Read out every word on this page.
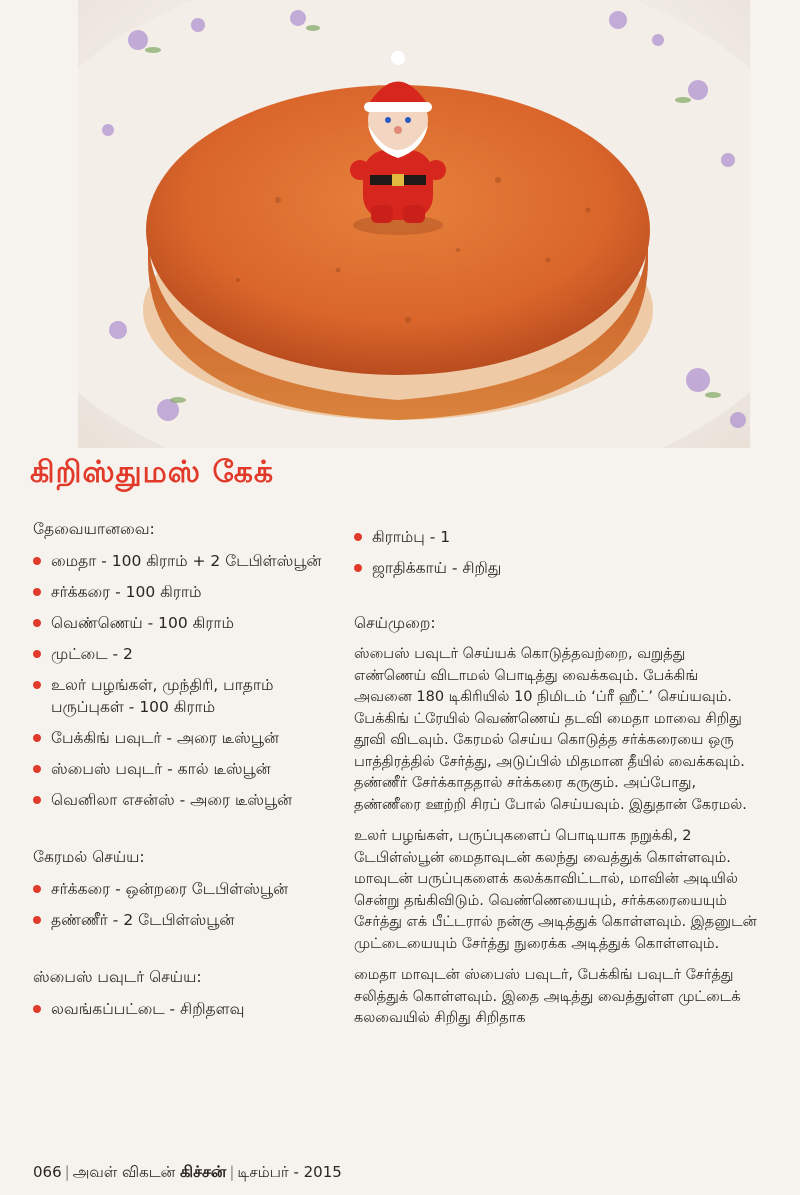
கிறிஸ்துமஸ் கேக்
தேவையானவை:
மைதா - 100 கிராம் + 2 டேபிள்ஸ்பூன்
சர்க்கரை - 100 கிராம்
வெண்ணெய் - 100 கிராம்
முட்டை - 2
உலர் பழங்கள், முந்திரி, பாதாம் பருப்புகள் - 100 கிராம்
பேக்கிங் பவுடர் - அரை டீஸ்பூன்
ஸ்பைஸ் பவுடர் - கால் டீஸ்பூன்
வெனிலா எசன்ஸ் - அரை டீஸ்பூன்
கேரமல் செய்ய:
சர்க்கரை - ஒன்றரை டேபிள்ஸ்பூன்
தண்ணீர் - 2 டேபிள்ஸ்பூன்
ஸ்பைஸ் பவுடர் செய்ய:
லவங்கப்பட்டை - சிறிதளவு
கிராம்பு - 1
ஜாதிக்காய் - சிறிது
செய்முறை:

ஸ்பைஸ் பவுடர் செய்யக் கொடுத்தவற்றை, வறுத்து எண்ணெய் விடாமல் பொடித்து வைக்கவும். பேக்கிங் அவனை 180 டிகிரியில் 10 நிமிடம் ‘ப்ரீ ஹீட்’ செய்யவும். பேக்கிங் ட்ரேயில் வெண்ணெய் தடவி மைதா மாவை சிறிது தூவி விடவும். கேரமல் செய்ய கொடுத்த சர்க்கரையை ஒரு பாத்திரத்தில் சேர்த்து, அடுப்பில் மிதமான தீயில் வைக்கவும். தண்ணீர் சேர்க்காததால் சர்க்கரை கருகும். அப்போது, தண்ணீரை ஊற்றி சிரப் போல் செய்யவும். இதுதான் கேரமல்.

உலர் பழங்கள், பருப்புகளைப் பொடியாக நறுக்கி, 2 டேபிள்ஸ்பூன் மைதாவுடன் கலந்து வைத்துக் கொள்ளவும். மாவுடன் பருப்புகளைக் கலக்காவிட்டால், மாவின் அடியில் சென்று தங்கிவிடும். வெண்ணெயையும், சர்க்கரையையும் சேர்த்து எக் பீட்டரால் நன்கு அடித்துக் கொள்ளவும். இதனுடன் முட்டையையும் சேர்த்து நுரைக்க அடித்துக் கொள்ளவும்.

மைதா மாவுடன் ஸ்பைஸ் பவுடர், பேக்கிங் பவுடர் சேர்த்து சலித்துக் கொள்ளவும். இதை அடித்து வைத்துள்ள முட்டைக் கலவையில் சிறிது சிறிதாக

066 | அவள் விகடன் கிச்சன் | டிசம்பர் - 2015
